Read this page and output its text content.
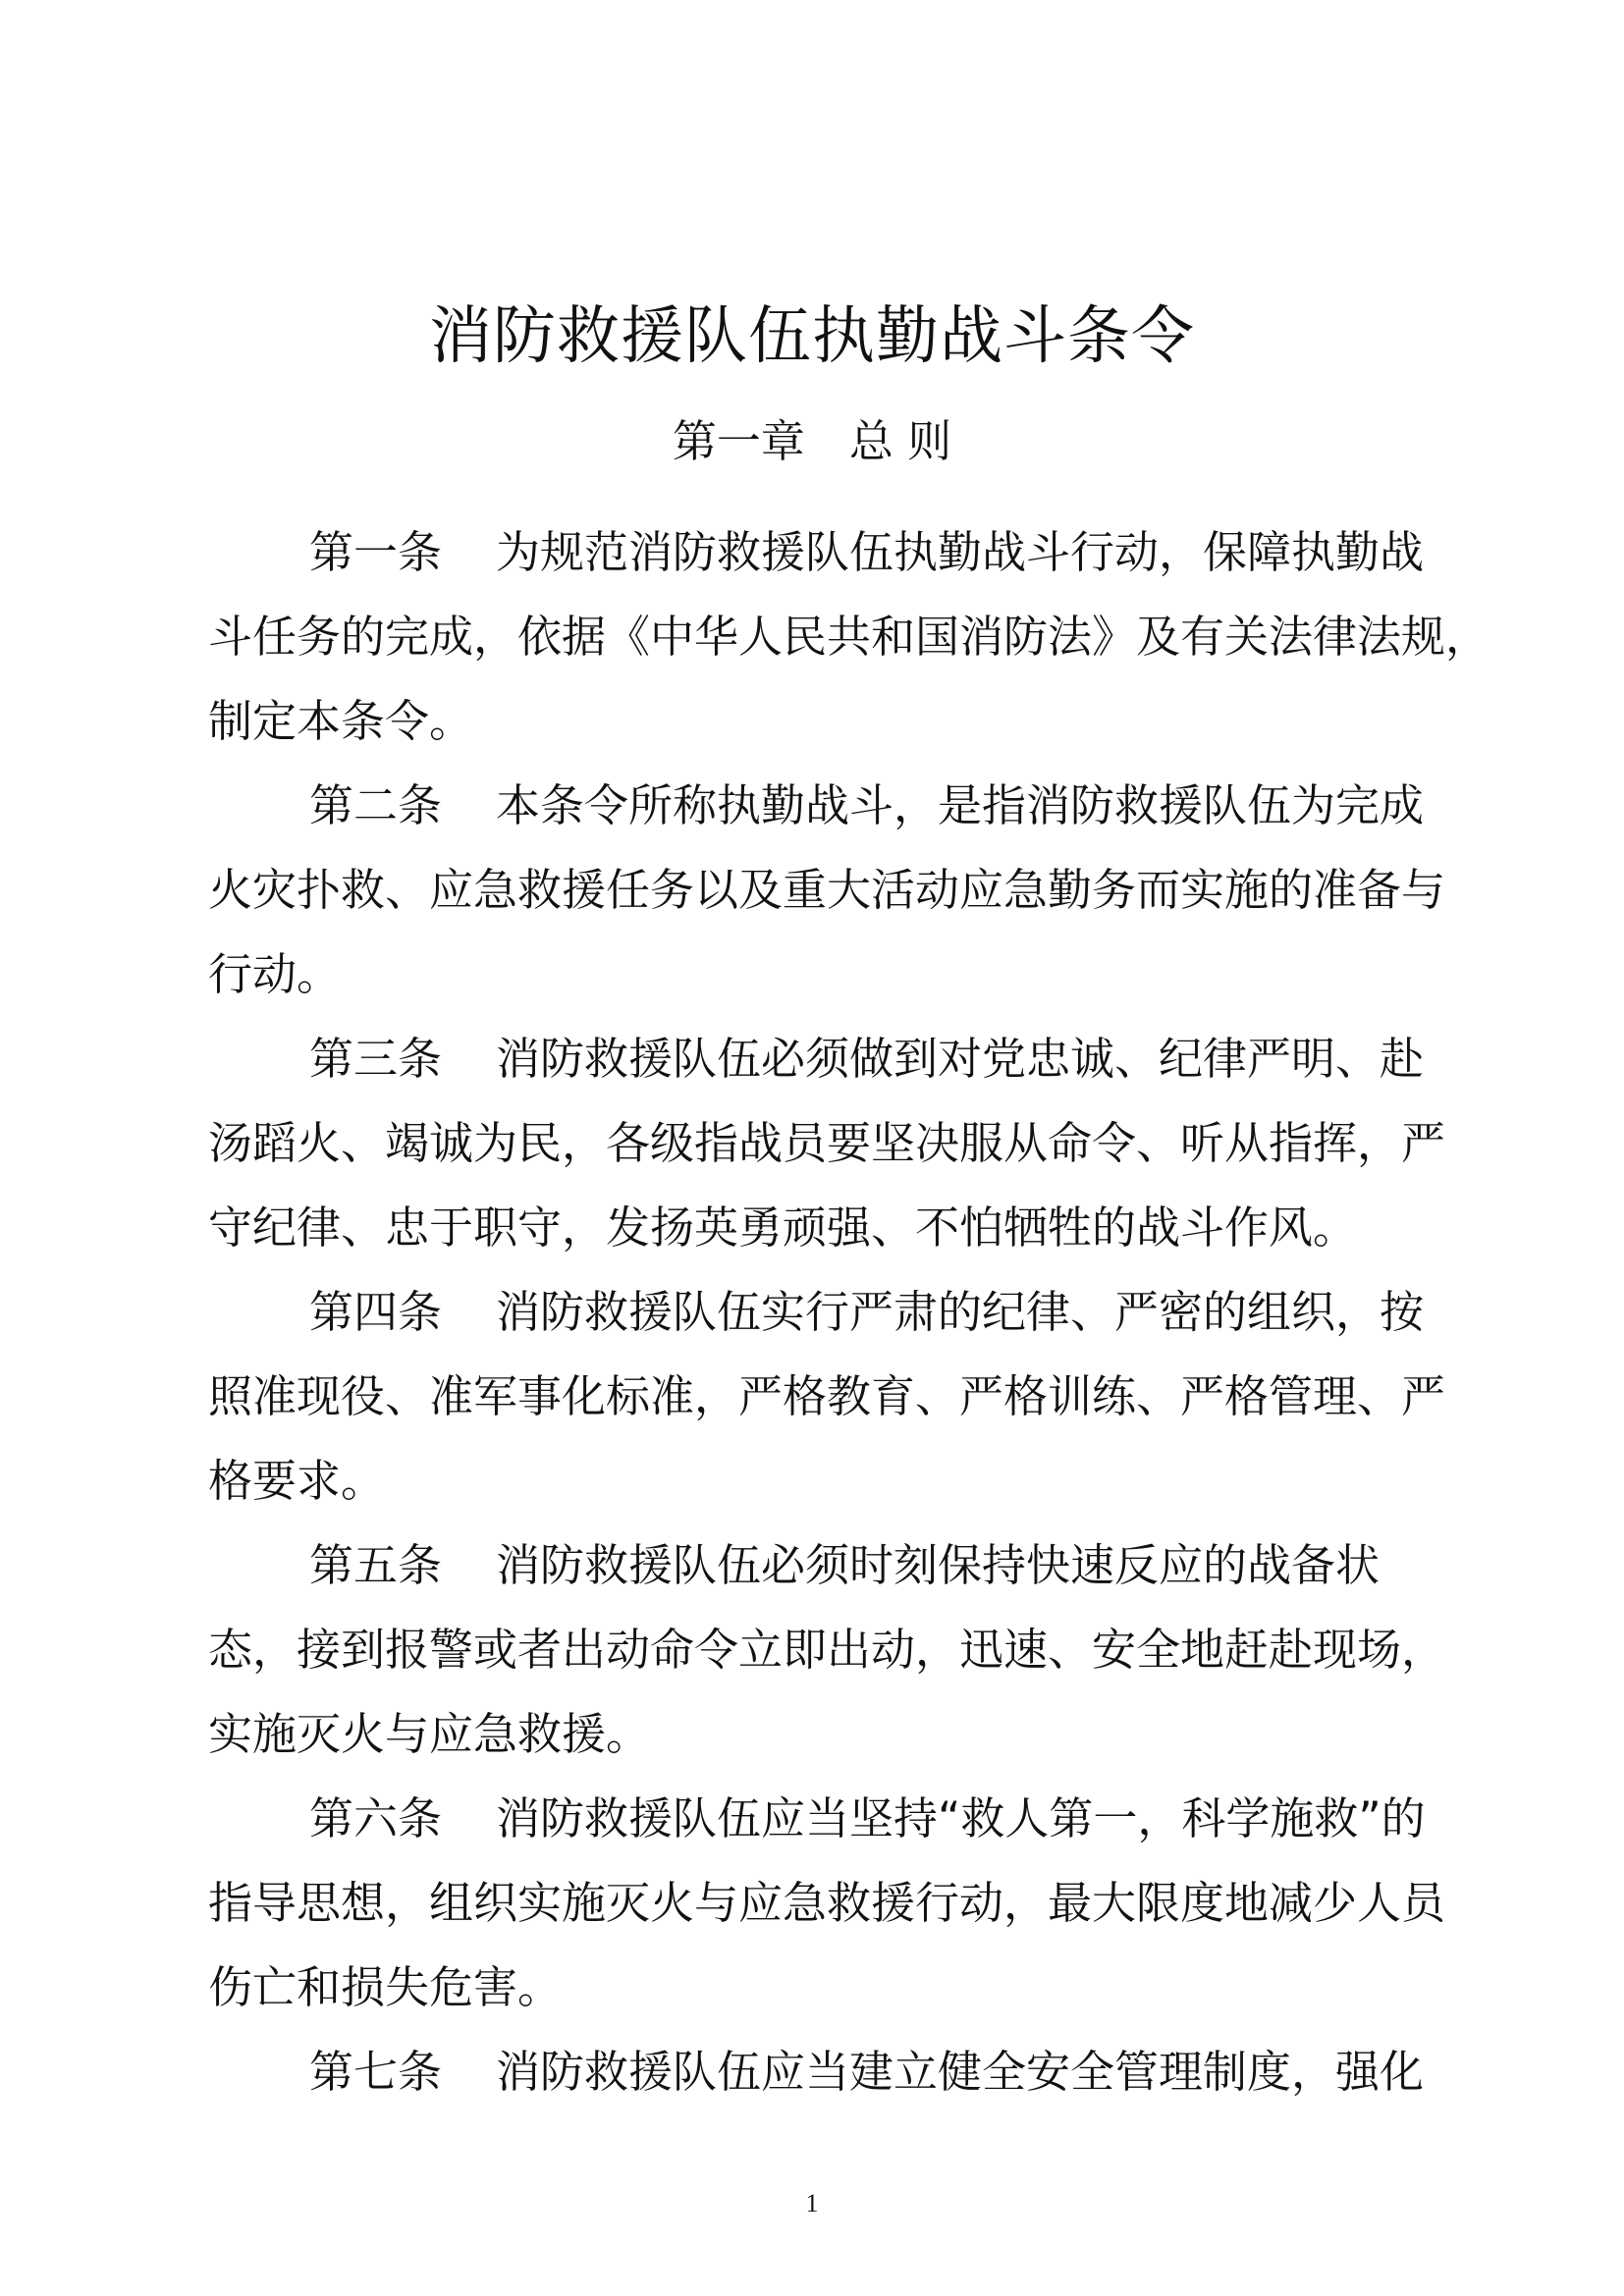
消防救援队伍执勤战斗条令
第一章　总 则
第一条 为规范消防救援队伍执勤战斗行动，保障执勤战
斗任务的完成，依据《中华人民共和国消防法》及有关法律法规，
制定本条令。
第二条 本条令所称执勤战斗，是指消防救援队伍为完成
火灾扑救、应急救援任务以及重大活动应急勤务而实施的准备与
行动。
第三条 消防救援队伍必须做到对党忠诚、纪律严明、赴
汤蹈火、竭诚为民，各级指战员要坚决服从命令、听从指挥，严
守纪律、忠于职守，发扬英勇顽强、不怕牺牲的战斗作风。
第四条 消防救援队伍实行严肃的纪律、严密的组织，按
照准现役、准军事化标准，严格教育、严格训练、严格管理、严
格要求。
第五条 消防救援队伍必须时刻保持快速反应的战备状
态，接到报警或者出动命令立即出动，迅速、安全地赶赴现场，
实施灭火与应急救援。
第六条 消防救援队伍应当坚持“救人第一，科学施救”的
指导思想，组织实施灭火与应急救援行动，最大限度地减少人员
伤亡和损失危害。
第七条 消防救援队伍应当建立健全安全管理制度，强化
1
